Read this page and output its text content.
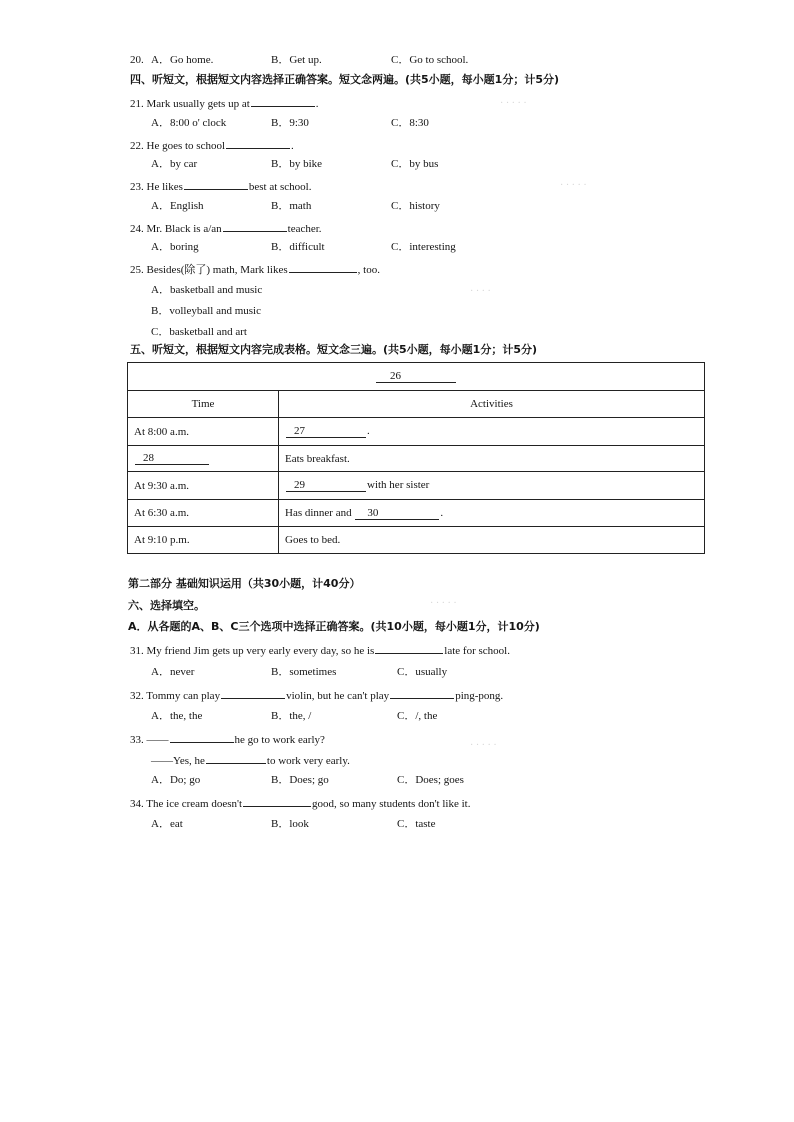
· · · · ·
· · · · ·
· · · ·
· · · · ·
· · · · ·
20. A．Go home.	B．Get up.	C．Go to school.
四、听短文，根据短文内容选择正确答案。短文念两遍。(共5小题，每小题1分；计5分)
21. Mark usually gets up at	.
A．8:00 o' clock	B．9:30	C．8:30
22. He goes to school	.
A．by car	B．by bike	C．by bus
23. He likes	best at school.
A．English	B．math	C．history
24. Mr. Black is a/an	teacher.
A．boring	B．difficult	C．interesting
25. Besides(除了) math, Mark likes	, too.
A．basketball and music
B．volleyball and music
C．basketball and art
五、听短文，根据短文内容完成表格。短文念三遍。(共5小题，每小题1分；计5分)
26	
Time	Activities
At 8:00 a.m.	27 .
28	Eats breakfast.
At 9:30 a.m.	29 with her sister
At 6:30 a.m.	Has dinner and 30 .
At 9:10 p.m.	Goes to bed.
第二部分 基础知识运用（共30小题，计40分）
六、选择填空。
A．从各题的A、B、C三个选项中选择正确答案。(共10小题，每小题1分，计10分)
31. My friend Jim gets up very early every day, so he is	late for school.
A．never	B．sometimes	C．usually
32. Tommy can play	violin, but he can't play	ping-pong.
A．the, the	B．the, /	C．/, the
33. ——	he go to work early?
——Yes, he	to work very early.
A．Do; go	B．Does; go	C．Does; goes
34. The ice cream doesn't	good, so many students don't like it.
A．eat	B．look	C．taste
